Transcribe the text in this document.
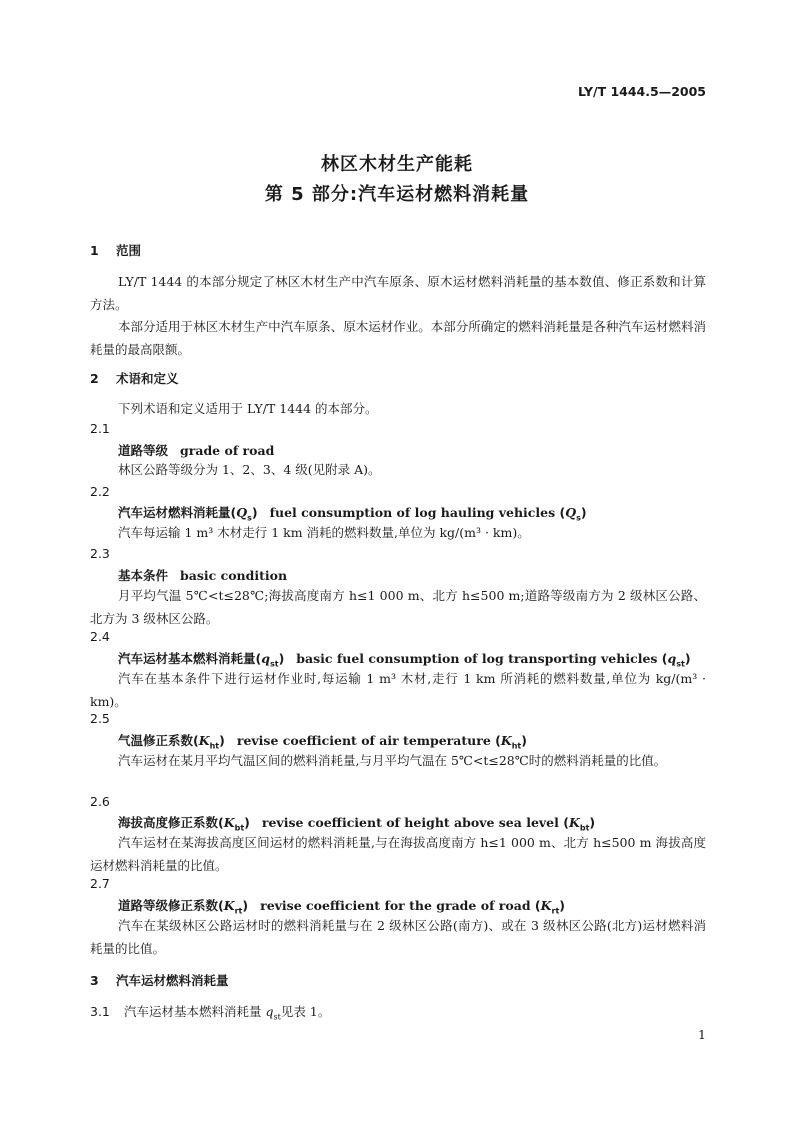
LY/T 1444.5—2005
林区木材生产能耗
第 5 部分:汽车运材燃料消耗量
1 范围
LY/T 1444 的本部分规定了林区木材生产中汽车原条、原木运材燃料消耗量的基本数值、修正系数和计算方法。
本部分适用于林区木材生产中汽车原条、原木运材作业。本部分所确定的燃料消耗量是各种汽车运材燃料消耗量的最高限额。
2 术语和定义
下列术语和定义适用于 LY/T 1444 的本部分。
2.1
道路等级 grade of road
林区公路等级分为 1、2、3、4 级(见附录 A)。
2.2
汽车运材燃料消耗量$(Q_s)$ fuel consumption of log hauling vehicles $(Q_s)$
汽车每运输 1 m³ 木材走行 1 km 消耗的燃料数量,单位为 kg/(m³ · km)。
2.3
基本条件 basic condition
月平均气温 5℃<t≤28℃;海拔高度南方 h≤1 000 m、北方 h≤500 m;道路等级南方为 2 级林区公路、北方为 3 级林区公路。
2.4
汽车运材基本燃料消耗量$(q_{st})$ basic fuel consumption of log transporting vehicles $(q_{st})$
汽车在基本条件下进行运材作业时,每运输 1 m³ 木材,走行 1 km 所消耗的燃料数量,单位为 kg/(m³ · km)。
2.5
气温修正系数$(K_{ht})$ revise coefficient of air temperature $(K_{ht})$
汽车运材在某月平均气温区间的燃料消耗量,与月平均气温在 5℃<t≤28℃时的燃料消耗量的比值。
2.6
海拔高度修正系数$(K_{bt})$ revise coefficient of height above sea level $(K_{bt})$
汽车运材在某海拔高度区间运材的燃料消耗量,与在海拔高度南方 h≤1 000 m、北方 h≤500 m 海拔高度运材燃料消耗量的比值。
2.7
道路等级修正系数$(K_{rt})$ revise coefficient for the grade of road $(K_{rt})$
汽车在某级林区公路运材时的燃料消耗量与在 2 级林区公路(南方)、或在 3 级林区公路(北方)运材燃料消耗量的比值。
3 汽车运材燃料消耗量
3.1 汽车运材基本燃料消耗量 $q_{st}$见表 1。
1
